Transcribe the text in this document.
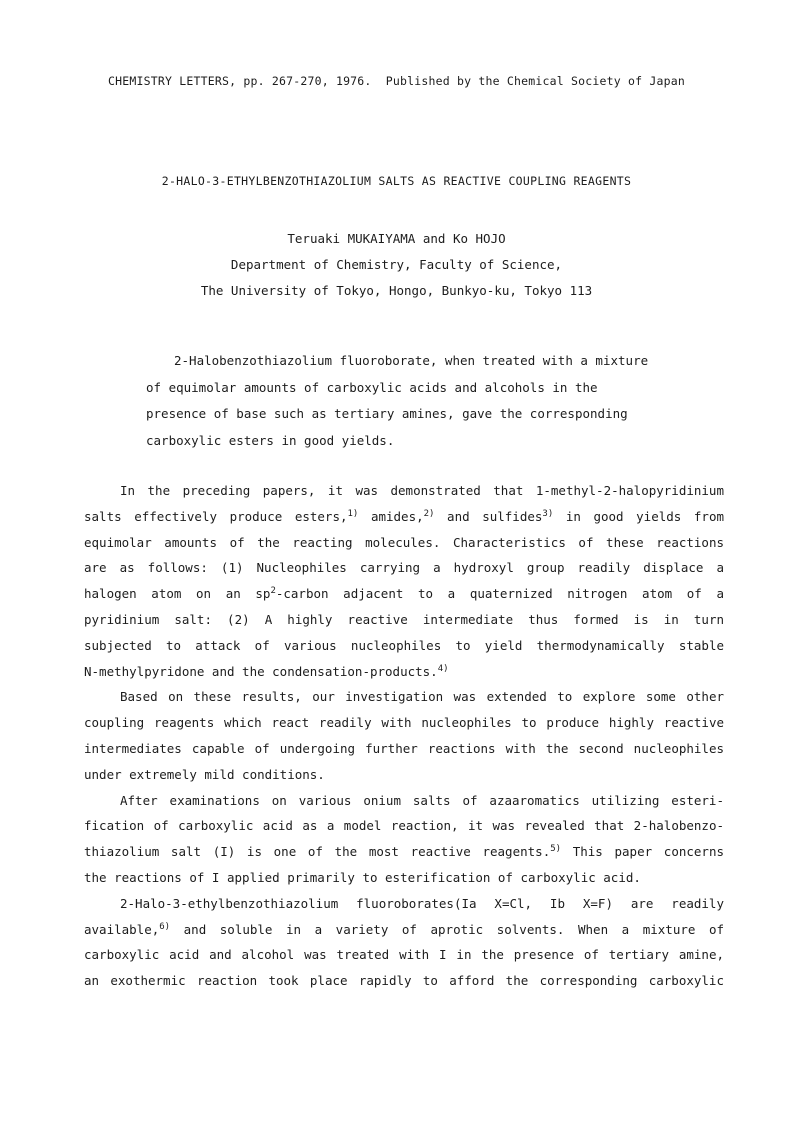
CHEMISTRY LETTERS, pp. 267-270, 1976.  Published by the Chemical Society of Japan
2-HALO-3-ETHYLBENZOTHIAZOLIUM SALTS AS REACTIVE COUPLING REAGENTS
Teruaki MUKAIYAMA and Ko HOJO
Department of Chemistry, Faculty of Science,
The University of Tokyo, Hongo, Bunkyo-ku, Tokyo 113
2-Halobenzothiazolium fluoroborate, when treated with a mixture
of equimolar amounts of carboxylic acids and alcohols in the
presence of base such as tertiary amines, gave the corresponding
carboxylic esters in good yields.
In the preceding papers, it was demonstrated that 1-methyl-2-halopyridinium
salts effectively produce esters,$^{1)}$ amides,$^{2)}$ and sulfides$^{3)}$ in good yields from
equimolar amounts of the reacting molecules. Characteristics of these reactions
are as follows: (1) Nucleophiles carrying a hydroxyl group readily displace a
halogen atom on an $sp^2$-carbon adjacent to a quaternized nitrogen atom of a
pyridinium salt: (2) A highly reactive intermediate thus formed is in turn
subjected to attack of various nucleophiles to yield thermodynamically stable
N-methylpyridone and the condensation-products.$^{4)}$
Based on these results, our investigation was extended to explore some other
coupling reagents which react readily with nucleophiles to produce highly reactive
intermediates capable of undergoing further reactions with the second nucleophiles
under extremely mild conditions.
After examinations on various onium salts of azaaromatics utilizing esteri-
fication of carboxylic acid as a model reaction, it was revealed that 2-halobenzo-
thiazolium salt (I) is one of the most reactive reagents.$^{5)}$ This paper concerns
the reactions of I applied primarily to esterification of carboxylic acid.
2-Halo-3-ethylbenzothiazolium fluoroborates(Ia X=Cl, Ib X=F) are readily
available,$^{6)}$ and soluble in a variety of aprotic solvents. When a mixture of
carboxylic acid and alcohol was treated with I in the presence of tertiary amine,
an exothermic reaction took place rapidly to afford the corresponding carboxylic
